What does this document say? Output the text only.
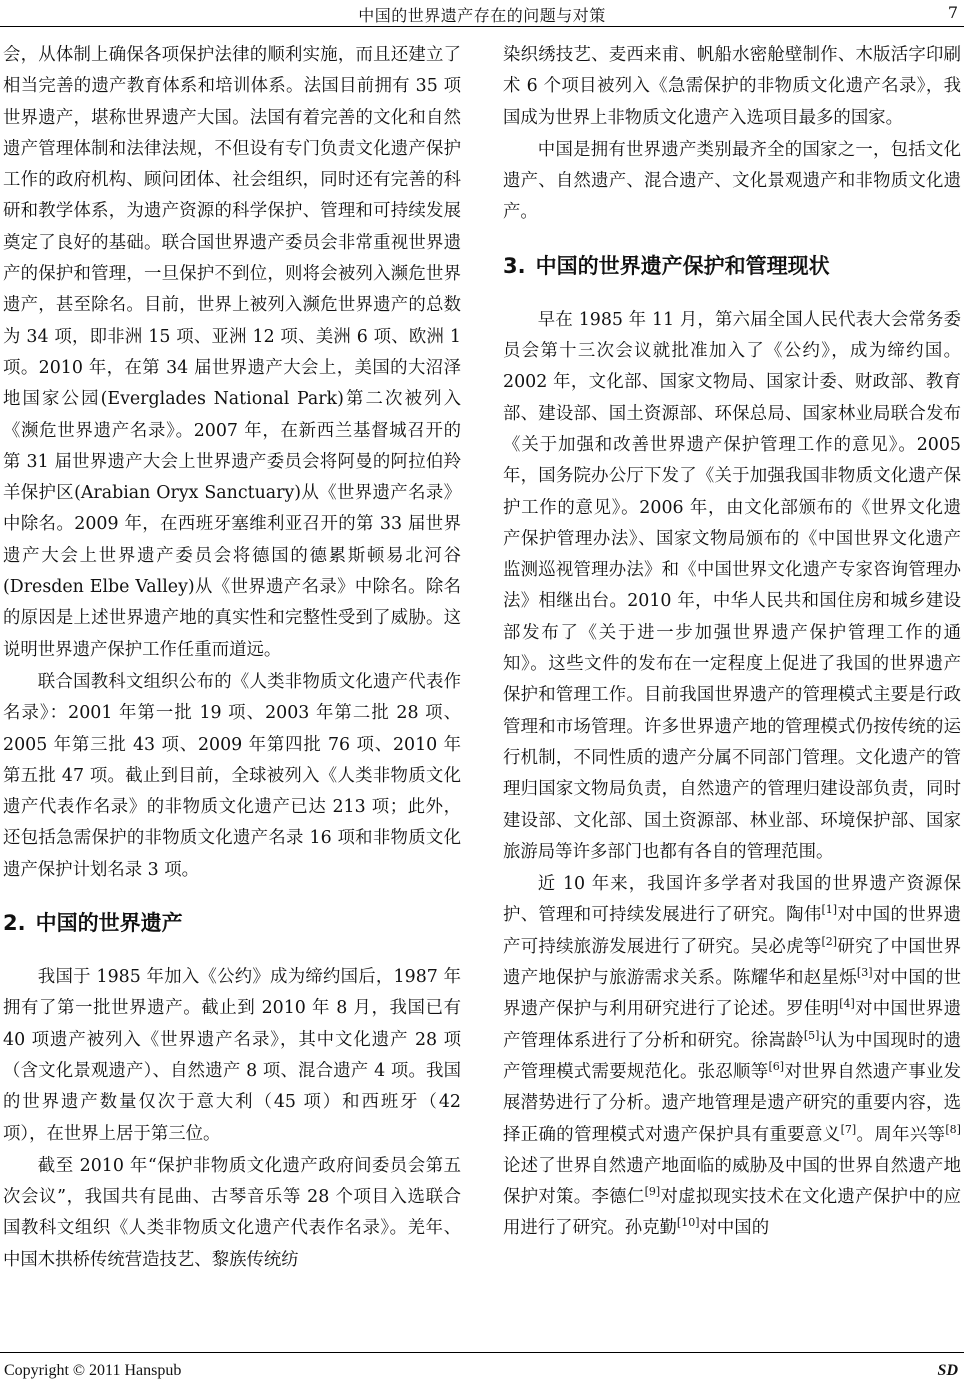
中国的世界遗产存在的问题与对策	7

会，从体制上确保各项保护法律的顺利实施，而且还建立了相当完善的遗产教育体系和培训体系。法国目前拥有 35 项世界遗产，堪称世界遗产大国。法国有着完善的文化和自然遗产管理体制和法律法规，不但设有专门负责文化遗产保护工作的政府机构、顾问团体、社会组织，同时还有完善的科研和教学体系，为遗产资源的科学保护、管理和可持续发展奠定了良好的基础。联合国世界遗产委员会非常重视世界遗产的保护和管理，一旦保护不到位，则将会被列入濒危世界遗产，甚至除名。目前，世界上被列入濒危世界遗产的总数为 34 项，即非洲 15 项、亚洲 12 项、美洲 6 项、欧洲 1 项。2010 年，在第 34 届世界遗产大会上，美国的大沼泽地国家公园(Everglades National Park)第二次被列入《濒危世界遗产名录》。2007 年，在新西兰基督城召开的第 31 届世界遗产大会上世界遗产委员会将阿曼的阿拉伯羚羊保护区(Arabian Oryx Sanctuary)从《世界遗产名录》中除名。2009 年，在西班牙塞维利亚召开的第 33 届世界遗产大会上世界遗产委员会将德国的德累斯顿易北河谷(Dresden Elbe Valley)从《世界遗产名录》中除名。除名的原因是上述世界遗产地的真实性和完整性受到了威胁。这说明世界遗产保护工作任重而道远。

联合国教科文组织公布的《人类非物质文化遗产代表作名录》：2001 年第一批 19 项、2003 年第二批 28 项、2005 年第三批 43 项、2009 年第四批 76 项、2010 年第五批 47 项。截止到目前，全球被列入《人类非物质文化遗产代表作名录》的非物质文化遗产已达 213 项；此外，还包括急需保护的非物质文化遗产名录 16 项和非物质文化遗产保护计划名录 3 项。

2. 中国的世界遗产

我国于 1985 年加入《公约》成为缔约国后，1987 年拥有了第一批世界遗产。截止到 2010 年 8 月，我国已有 40 项遗产被列入《世界遗产名录》，其中文化遗产 28 项（含文化景观遗产）、自然遗产 8 项、混合遗产 4 项。我国的世界遗产数量仅次于意大利（45 项）和西班牙（42 项），在世界上居于第三位。

截至 2010 年“保护非物质文化遗产政府间委员会第五次会议”，我国共有昆曲、古琴音乐等 28 个项目入选联合国教科文组织《人类非物质文化遗产代表作名录》。羌年、中国木拱桥传统营造技艺、黎族传统纺

染织绣技艺、麦西来甫、帆船水密舱壁制作、木版活字印刷术 6 个项目被列入《急需保护的非物质文化遗产名录》，我国成为世界上非物质文化遗产入选项目最多的国家。

中国是拥有世界遗产类别最齐全的国家之一，包括文化遗产、自然遗产、混合遗产、文化景观遗产和非物质文化遗产。

3. 中国的世界遗产保护和管理现状

早在 1985 年 11 月，第六届全国人民代表大会常务委员会第十三次会议就批准加入了《公约》，成为缔约国。2002 年，文化部、国家文物局、国家计委、财政部、教育部、建设部、国土资源部、环保总局、国家林业局联合发布《关于加强和改善世界遗产保护管理工作的意见》。2005 年，国务院办公厅下发了《关于加强我国非物质文化遗产保护工作的意见》。2006 年，由文化部颁布的《世界文化遗产保护管理办法》、国家文物局颁布的《中国世界文化遗产监测巡视管理办法》和《中国世界文化遗产专家咨询管理办法》相继出台。2010 年，中华人民共和国住房和城乡建设部发布了《关于进一步加强世界遗产保护管理工作的通知》。这些文件的发布在一定程度上促进了我国的世界遗产保护和管理工作。目前我国世界遗产的管理模式主要是行政管理和市场管理。许多世界遗产地的管理模式仍按传统的运行机制，不同性质的遗产分属不同部门管理。文化遗产的管理归国家文物局负责，自然遗产的管理归建设部负责，同时建设部、文化部、国土资源部、林业部、环境保护部、国家旅游局等许多部门也都有各自的管理范围。

近 10 年来，我国许多学者对我国的世界遗产资源保护、管理和可持续发展进行了研究。陶伟[1]对中国的世界遗产可持续旅游发展进行了研究。吴必虎等[2]研究了中国世界遗产地保护与旅游需求关系。陈耀华和赵星烁[3]对中国的世界遗产保护与利用研究进行了论述。罗佳明[4]对中国世界遗产管理体系进行了分析和研究。徐嵩龄[5]认为中国现时的遗产管理模式需要规范化。张忍顺等[6]对世界自然遗产事业发展潜势进行了分析。遗产地管理是遗产研究的重要内容，选择正确的管理模式对遗产保护具有重要意义[7]。周年兴等[8]论述了世界自然遗产地面临的威胁及中国的世界自然遗产地保护对策。李德仁[9]对虚拟现实技术在文化遗产保护中的应用进行了研究。孙克勤[10]对中国的

Copyright © 2011 Hanspub	SD
